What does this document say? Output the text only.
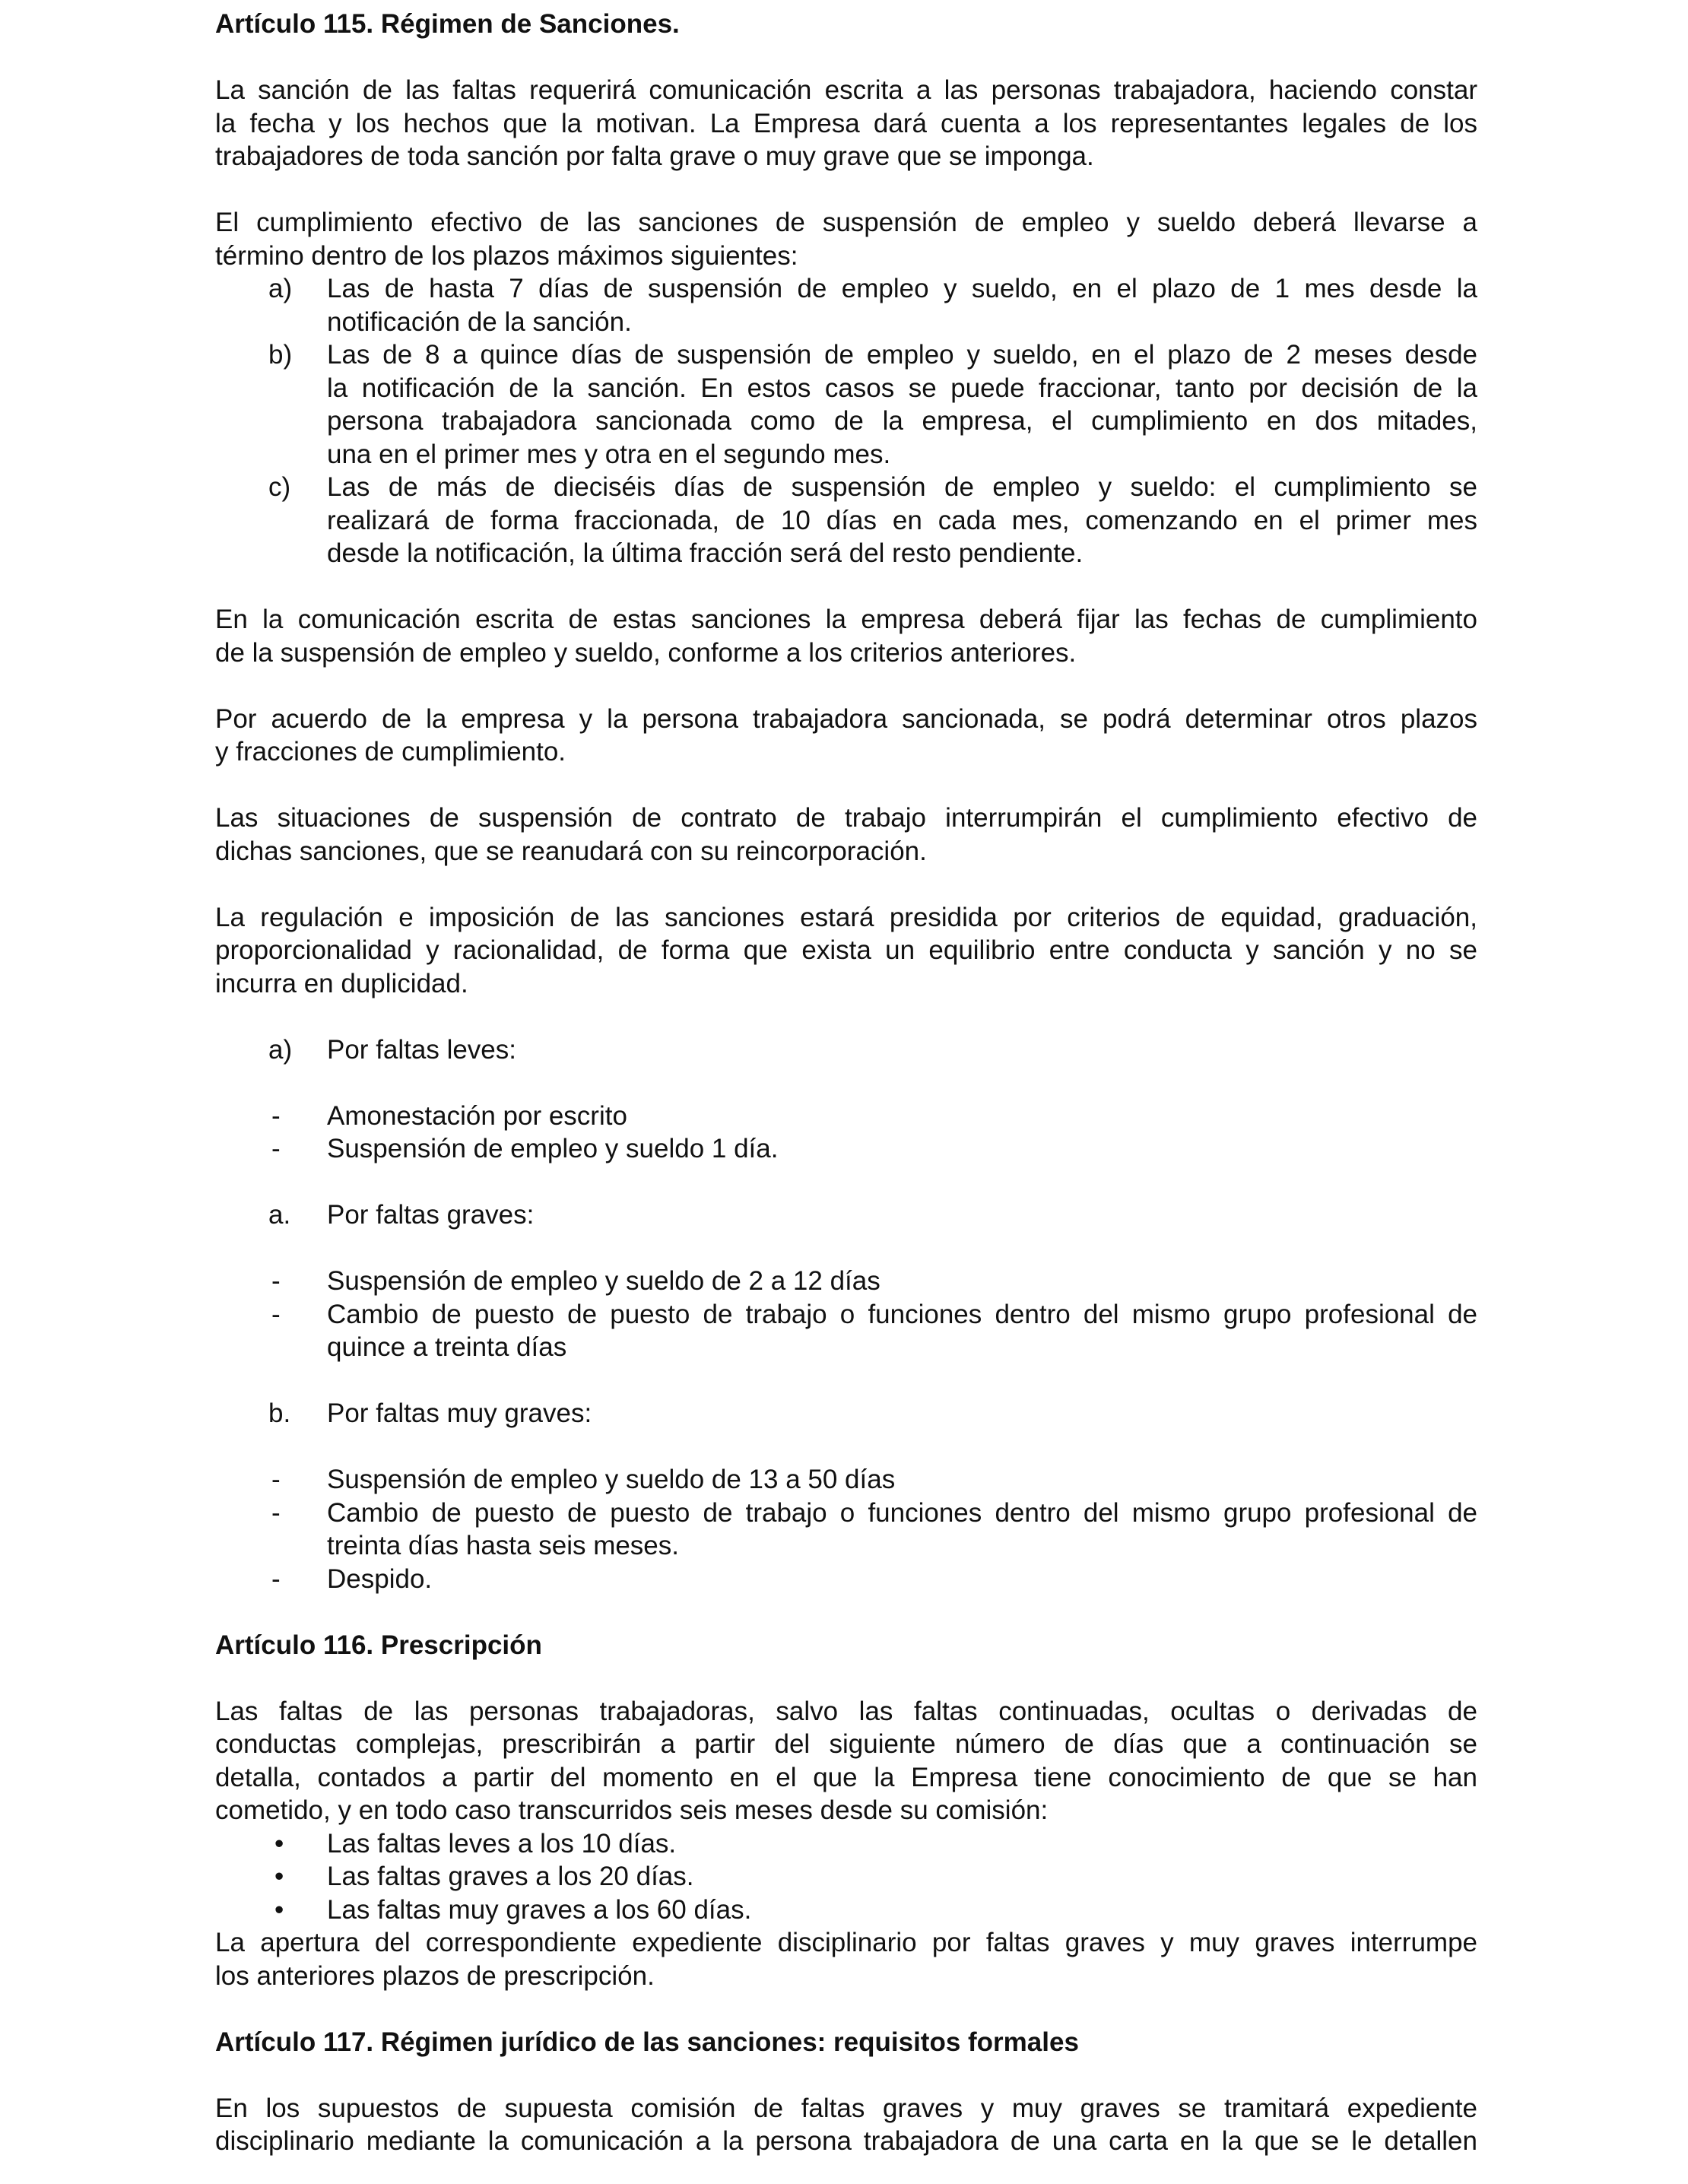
Artículo 115. Régimen de Sanciones.
La sanción de las faltas requerirá comunicación escrita a las personas trabajadora, haciendo constar
la fecha y los hechos que la motivan. La Empresa dará cuenta a los representantes legales de los
trabajadores de toda sanción por falta grave o muy grave que se imponga.
El cumplimiento efectivo de las sanciones de suspensión de empleo y sueldo deberá llevarse a
término dentro de los plazos máximos siguientes:
a)	Las de hasta 7 días de suspensión de empleo y sueldo, en el plazo de 1 mes desde la
notificación de la sanción.
b)	Las de 8 a quince días de suspensión de empleo y sueldo, en el plazo de 2 meses desde
la notificación de la sanción. En estos casos se puede fraccionar, tanto por decisión de la
persona trabajadora sancionada como de la empresa, el cumplimiento en dos mitades,
una en el primer mes y otra en el segundo mes.
c)	Las de más de dieciséis días de suspensión de empleo y sueldo: el cumplimiento se
realizará de forma fraccionada, de 10 días en cada mes, comenzando en el primer mes
desde la notificación, la última fracción será del resto pendiente.
En la comunicación escrita de estas sanciones la empresa deberá fijar las fechas de cumplimiento
de la suspensión de empleo y sueldo, conforme a los criterios anteriores.
Por acuerdo de la empresa y la persona trabajadora sancionada, se podrá determinar otros plazos
y fracciones de cumplimiento.
Las situaciones de suspensión de contrato de trabajo interrumpirán el cumplimiento efectivo de
dichas sanciones, que se reanudará con su reincorporación.
La regulación e imposición de las sanciones estará presidida por criterios de equidad, graduación,
proporcionalidad y racionalidad, de forma que exista un equilibrio entre conducta y sanción y no se
incurra en duplicidad.
a)	Por faltas leves:
-	Amonestación por escrito
-	Suspensión de empleo y sueldo 1 día.
a.	Por faltas graves:
-	Suspensión de empleo y sueldo de 2 a 12 días
-	Cambio de puesto de puesto de trabajo o funciones dentro del mismo grupo profesional de
quince a treinta días
b.	Por faltas muy graves:
-	Suspensión de empleo y sueldo de 13 a 50 días
-	Cambio de puesto de puesto de trabajo o funciones dentro del mismo grupo profesional de
treinta días hasta seis meses.
-	Despido.
Artículo 116. Prescripción
Las faltas de las personas trabajadoras, salvo las faltas continuadas, ocultas o derivadas de
conductas complejas, prescribirán a partir del siguiente número de días que a continuación se
detalla, contados a partir del momento en el que la Empresa tiene conocimiento de que se han
cometido, y en todo caso transcurridos seis meses desde su comisión:
•	Las faltas leves a los 10 días.
•	Las faltas graves a los 20 días.
•	Las faltas muy graves a los 60 días.
La apertura del correspondiente expediente disciplinario por faltas graves y muy graves interrumpe
los anteriores plazos de prescripción.
Artículo 117. Régimen jurídico de las sanciones: requisitos formales
En los supuestos de supuesta comisión de faltas graves y muy graves se tramitará expediente
disciplinario mediante la comunicación a la persona trabajadora de una carta en la que se le detallen
